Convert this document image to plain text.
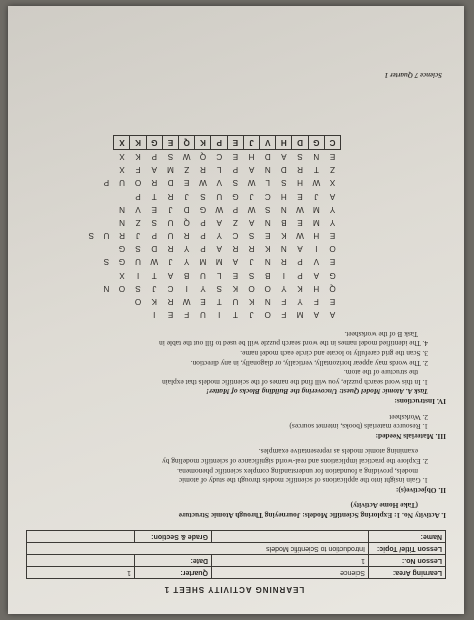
LEARNING ACTIVITY SHEET 1
Learning Area:	Science	Quarter:	1
Lesson No.:	1	Date:	
Lesson Title/ Topic:	Introduction to Scientific Models		
Name:		Grade & Section:	
I. Activity No. 1: Exploring Scientific Models: Journeying Through Atomic Structure
(Take Home Activity)
II. Objective(s):
1. Gain insight into the applications of scientific models through the study of atomic
models, providing a foundation for understanding complex scientific phenomena.
2. Explore the practical implications and real-world significance of scientific modeling by
examining atomic models as representative examples.
III. Materials Needed:
1. Resource materials (books, internet sources)
2. Worksheet
IV. Instructions:
Task A. Atomic Model Quest: Uncovering the Building Blocks of Matter!
1. In this word search puzzle, you will find the names of the scientific models that explain
the structure of the atom.
2. The words may appear horizontally, vertically, or diagonally, in any direction.
3. Scan the grid carefully to locate and circle each model name.
4. The identified model names in the word search puzzle will be used to fill out the table in
Task B of the worksheet.
A	A	M	F	O	J	T	I	U	F	E	I				
E	F	Y	F	N	K	U	T	E	W	R	K	O			
Q	H	K	Y	O	O	K	S	Y	I	C	J	S	O	N	
G	A	P	I	B	S	E	L	U	B	A	T	I	X		
E	V	P	R	N	J	A	M	M	Y	J	W	U	G	S	
O	I	A	N	K	R	R	A	P	Y	R	D	S	G		
E	H	W	K	E	S	C	Y	P	R	U	P	J	R	U	S
Y	M	E	B	N	A	Z	A	P	Q	U	S	Z	N		
Y	M	W	N	S	W	P	W	G	D	J	E	V	N		
A	J	E	H	C	J	G	U	S	J	R	T	P			
X	W	H	S	L	W	S	V	W	E	D	R	O	U	P	
Z	T	R	D	N	A	P	L	R	Z	M	A	F	X		
E	N	S	A	D	H	E	C	Q	W	S	P	K	X		
C	G	D	H	V	J	E	P	K	Q	E	G	K	X		
Science 7 Quarter 1
